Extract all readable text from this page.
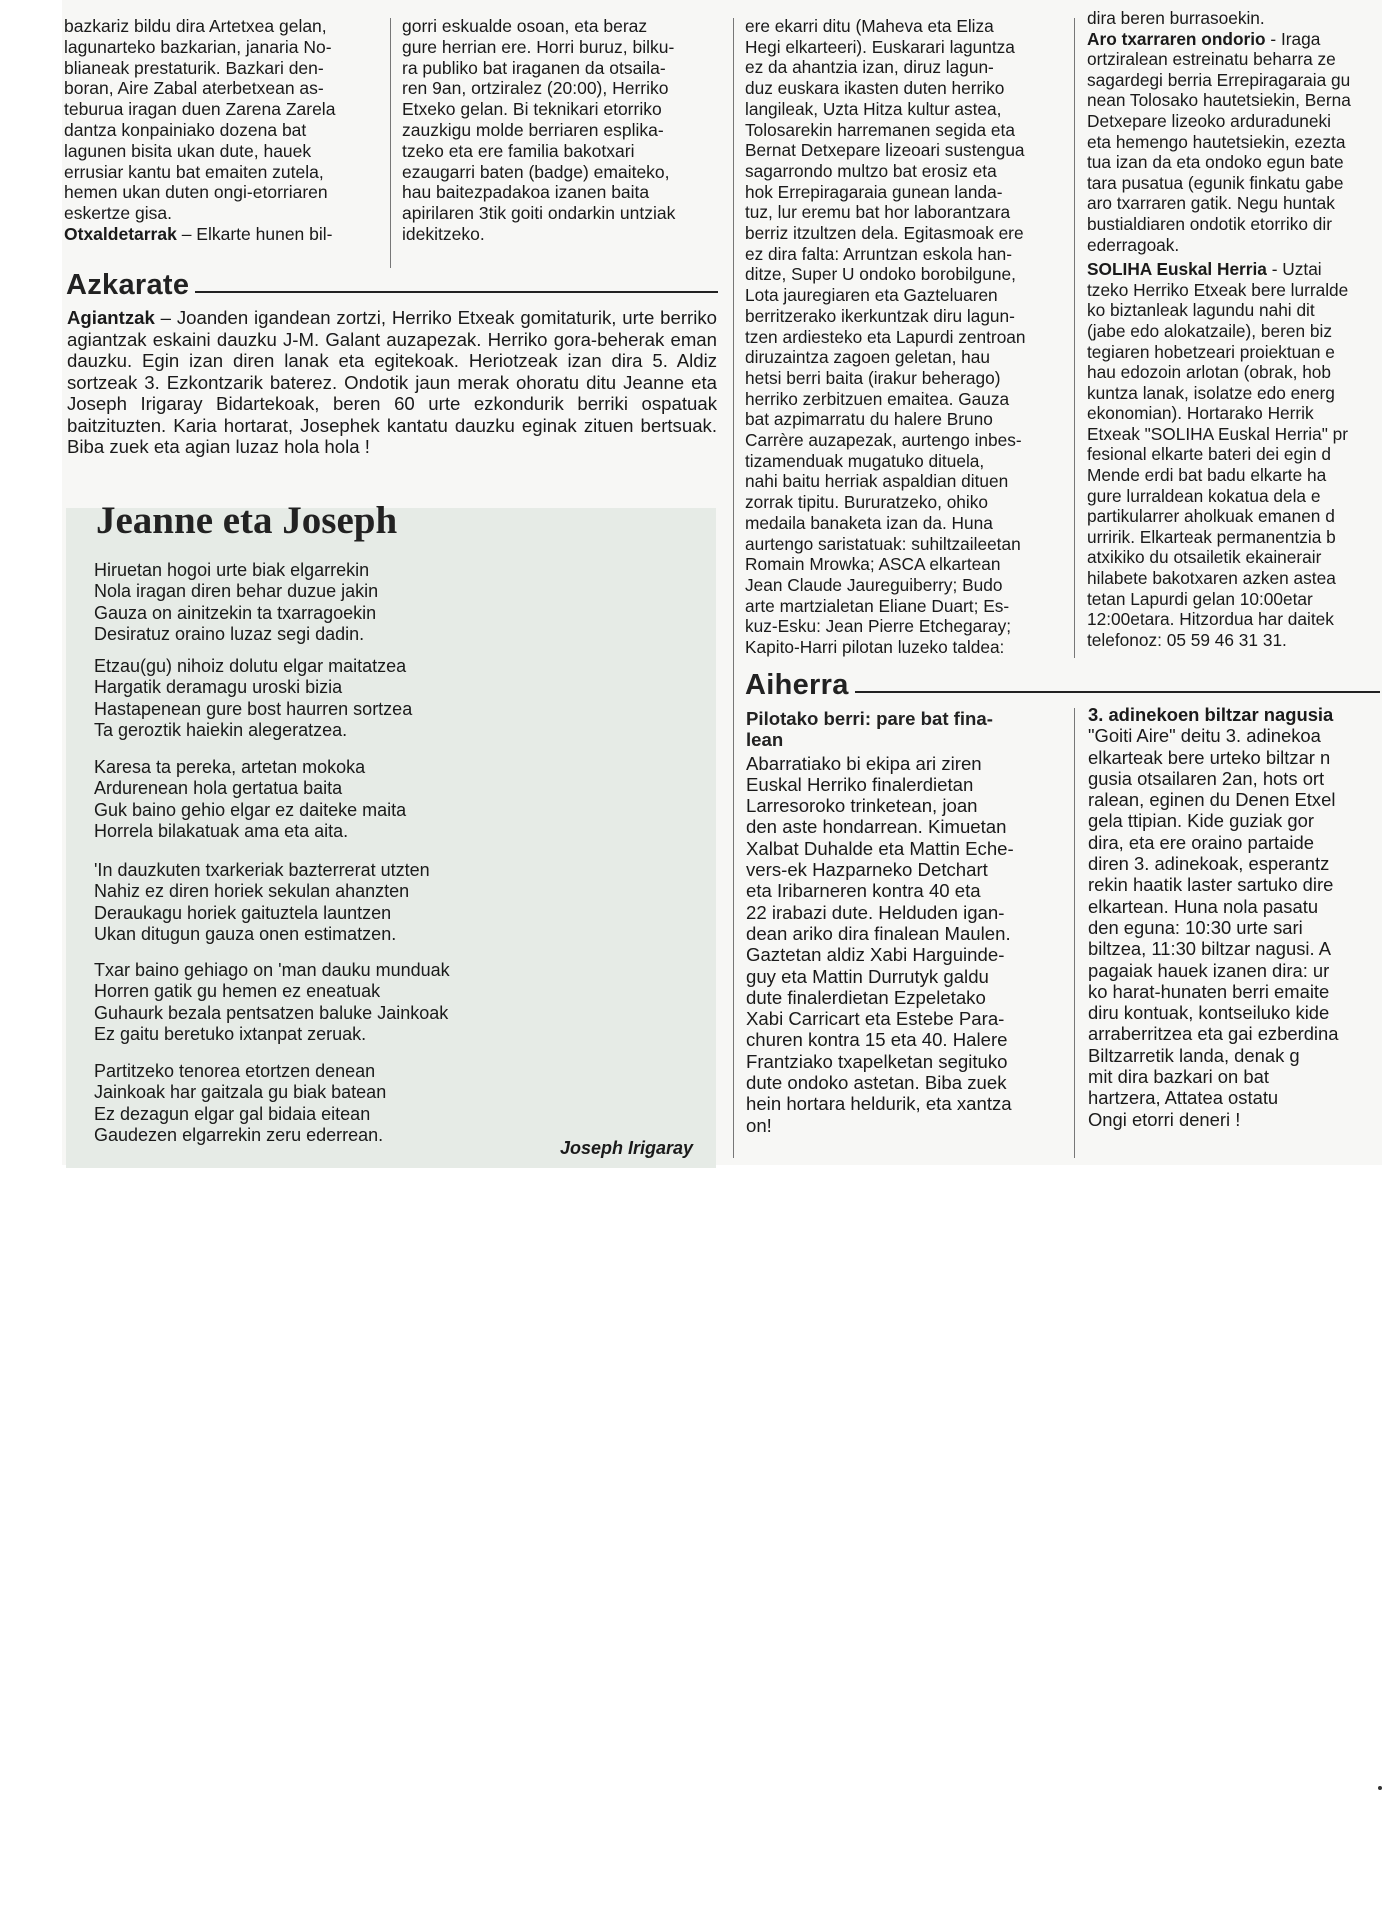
bazkariz bildu dira Artetxea gelan,

lagunarteko bazkarian, janaria No-

blianeak prestaturik. Bazkari den-

boran, Aire Zabal aterbetxean as-

teburua iragan duen Zarena Zarela

dantza konpainiako dozena bat

lagunen bisita ukan dute, hauek

errusiar kantu bat emaiten zutela,

hemen ukan duten ongi-etorriaren

eskertze gisa.

Otxaldetarrak – Elkarte hunen bil-

gorri eskualde osoan, eta beraz

gure herrian ere. Horri buruz, bilku-

ra publiko bat iraganen da otsaila-

ren 9an, ortziralez (20:00), Herriko

Etxeko gelan. Bi teknikari etorriko

zauzkigu molde berriaren esplika-

tzeko eta ere familia bakotxari

ezaugarri baten (badge) emaiteko,

hau baitezpadakoa izanen baita

apirilaren 3tik goiti ondarkin untziak

idekitzeko.

Azkarate
Agiantzak – Joanden igandean zortzi, Herriko Etxeak gomitaturik, urte berriko agiantzak eskaini dauzku J-M. Galant auzapezak. Herriko gora-beherak eman dauzku. Egin izan diren lanak eta egitekoak. Heriotzeak izan dira 5. Aldiz sortzeak 3. Ezkontzarik baterez. Ondotik jaun merak ohoratu ditu Jeanne eta Joseph Irigaray Bidartekoak, beren 60 urte ezkondurik berriki ospatuak baitzituzten. Karia hortarat, Josephek kantatu dauzku eginak zituen bertsuak. Biba zuek eta agian luzaz hola hola !
Jeanne eta Joseph
Hiruetan hogoi urte biak elgarrekin
Nola iragan diren behar duzue jakin
Gauza on ainitzekin ta txarragoekin
Desiratuz oraino luzaz segi dadin.
Etzau(gu) nihoiz dolutu elgar maitatzea
Hargatik deramagu uroski bizia
Hastapenean gure bost haurren sortzea
Ta geroztik haiekin alegeratzea.
Karesa ta pereka, artetan mokoka
Ardurenean hola gertatua baita
Guk baino gehio elgar ez daiteke maita
Horrela bilakatuak ama eta aita.
'In dauzkuten txarkeriak bazterrerat utzten
Nahiz ez diren horiek sekulan ahanzten
Deraukagu horiek gaituztela launtzen
Ukan ditugun gauza onen estimatzen.
Txar baino gehiago on 'man dauku munduak
Horren gatik gu hemen ez eneatuak
Guhaurk bezala pentsatzen baluke Jainkoak
Ez gaitu beretuko ixtanpat zeruak.
Partitzeko tenorea etortzen denean
Jainkoak har gaitzala gu biak batean
Ez dezagun elgar gal bidaia eitean
Gaudezen elgarrekin zeru ederrean.
Joseph Irigaray

ere ekarri ditu (Maheva eta Eliza

Hegi elkarteeri). Euskarari laguntza

ez da ahantzia izan, diruz lagun-

duz euskara ikasten duten herriko

langileak, Uzta Hitza kultur astea,

Tolosarekin harremanen segida eta

Bernat Detxepare lizeoari sustengua

sagarrondo multzo bat erosiz eta

hok Errepiragaraia gunean landa-

tuz, lur eremu bat hor laborantzara

berriz itzultzen dela. Egitasmoak ere

ez dira falta: Arruntzan eskola han-

ditze, Super U ondoko borobilgune,

Lota jauregiaren eta Gazteluaren

berritzerako ikerkuntzak diru lagun-

tzen ardiesteko eta Lapurdi zentroan

diruzaintza zagoen geletan, hau

hetsi berri baita (irakur beherago)

herriko zerbitzuen emaitea. Gauza

bat azpimarratu du halere Bruno

Carrère auzapezak, aurtengo inbes-

tizamenduak mugatuko dituela,

nahi baitu herriak aspaldian dituen

zorrak tipitu. Bururatzeko, ohiko

medaila banaketa izan da. Huna

aurtengo saristatuak: suhiltzaileetan

Romain Mrowka; ASCA elkartean

Jean Claude Jaureguiberry; Budo

arte martzialetan Eliane Duart; Es-

kuz-Esku: Jean Pierre Etchegaray;

Kapito-Harri pilotan luzeko taldea:

dira beren burrasoekin.

Aro txarraren ondorio - Iraga

ortziralean estreinatu beharra ze

sagardegi berria Errepiragaraia gu

nean Tolosako hautetsiekin, Berna

Detxepare lizeoko arduraduneki

eta hemengo hautetsiekin, ezezta

tua izan da eta ondoko egun bate

tara pusatua (egunik finkatu gabe

aro txarraren gatik. Negu huntak

bustialdiaren ondotik etorriko dir

ederragoak.

SOLIHA Euskal Herria - Uztai

tzeko Herriko Etxeak bere lurralde

ko biztanleak lagundu nahi dit

(jabe edo alokatzaile), beren biz

tegiaren hobetzeari proiektuan e

hau edozoin arlotan (obrak, hob

kuntza lanak, isolatze edo energ

ekonomian). Hortarako Herrik

Etxeak "SOLIHA Euskal Herria" pr

fesional elkarte bateri dei egin d

Mende erdi bat badu elkarte ha

gure lurraldean kokatua dela e

partikularrer aholkuak emanen d

urririk. Elkarteak permanentzia b

atxikiko du otsailetik ekainerair

hilabete bakotxaren azken astea

tetan Lapurdi gelan 10:00etar

12:00etara. Hitzordua har daitek

telefonoz: 05 59 46 31 31.

Aiherra

Pilotako berri: pare bat fina-
lean

Abarratiako bi ekipa ari ziren

Euskal Herriko finalerdietan

Larresoroko trinketean, joan

den aste hondarrean. Kimuetan

Xalbat Duhalde eta Mattin Eche-

vers-ek Hazparneko Detchart

eta Iribarneren kontra 40 eta

22 irabazi dute. Helduden igan-

dean ariko dira finalean Maulen.

Gaztetan aldiz Xabi Harguinde-

guy eta Mattin Durrutyk galdu

dute finalerdietan Ezpeletako

Xabi Carricart eta Estebe Para-

churen kontra 15 eta 40. Halere

Frantziako txapelketan segituko

dute ondoko astetan. Biba zuek

hein hortara heldurik, eta xantza

on!

3. adinekoen biltzar nagusia

"Goiti Aire" deitu 3. adinekoa

elkarteak bere urteko biltzar n

gusia otsailaren 2an, hots ort

ralean, eginen du Denen Etxel

gela ttipian. Kide guziak gor

dira, eta ere oraino partaide

diren 3. adinekoak, esperantz

rekin haatik laster sartuko dire

elkartean. Huna nola pasatu

den eguna: 10:30 urte sari

biltzea, 11:30 biltzar nagusi. A

pagaiak hauek izanen dira: ur

ko harat-hunaten berri emaite

diru kontuak, kontseiluko kide

arraberritzea eta gai ezberdina

Biltzarretik landa, denak g

mit dira bazkari on bat

hartzera, Attatea ostatu

Ongi etorri deneri !
